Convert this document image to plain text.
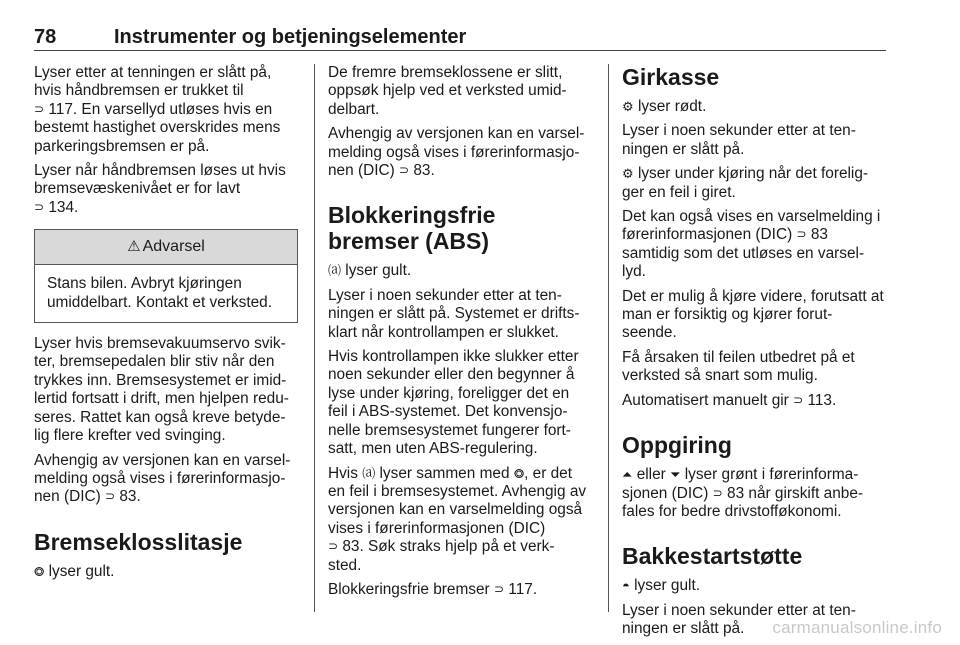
78	Instrumenter og betjeningselementer

Lyser etter at tenningen er slått på, hvis håndbremsen er trukket til
⊃ 117. En varsellyd utløses hvis en bestemt hastighet overskrides mens parkeringsbremsen er på.

Lyser når håndbremsen løses ut hvis bremsevæskenivået er for lavt
⊃ 134.

⚠ Advarsel
Stans bilen. Avbryt kjøringen umiddelbart. Kontakt et verksted.

Lyser hvis bremsevakuumservo svik- ter, bremsepedalen blir stiv når den trykkes inn. Bremsesystemet er imid- lertid fortsatt i drift, men hjelpen redu- seres. Rattet kan også kreve betyde- lig flere krefter ved svinging.

Avhengig av versjonen kan en varsel- melding også vises i førerinformasjo- nen (DIC) ⊃ 83.

Bremseklosslitasje

⭗ lyser gult.

De fremre bremseklossene er slitt, oppsøk hjelp ved et verksted umid- delbart.

Avhengig av versjonen kan en varsel- melding også vises i førerinformasjo- nen (DIC) ⊃ 83.

Blokkeringsfrie bremser (ABS)

⒜ lyser gult.

Lyser i noen sekunder etter at ten- ningen er slått på. Systemet er drifts- klart når kontrollampen er slukket.

Hvis kontrollampen ikke slukker etter noen sekunder eller den begynner å lyse under kjøring, foreligger det en feil i ABS-systemet. Det konvensjo- nelle bremsesystemet fungerer fort- satt, men uten ABS-regulering.

Hvis ⒜ lyser sammen med ⭗, er det en feil i bremsesystemet. Avhengig av versjonen kan en varselmelding også vises i førerinformasjonen (DIC)
⊃ 83. Søk straks hjelp på et verk- sted.

Blokkeringsfrie bremser ⊃ 117.

Girkasse

⚙ lyser rødt.

Lyser i noen sekunder etter at ten- ningen er slått på.

⚙ lyser under kjøring når det forelig- ger en feil i giret.

Det kan også vises en varselmelding i førerinformasjonen (DIC) ⊃ 83 samtidig som det utløses en varsel- lyd.

Det er mulig å kjøre videre, forutsatt at man er forsiktig og kjører forut- seende.

Få årsaken til feilen utbedret på et verksted så snart som mulig.

Automatisert manuelt gir ⊃ 113.

Oppgiring

⏶ eller ⏷ lyser grønt i førerinforma- sjonen (DIC) ⊃ 83 når girskift anbe- fales for bedre drivstofføkonomi.

Bakkestartstøtte

◓ lyser gult.

Lyser i noen sekunder etter at ten- ningen er slått på.	carmanualsonline.info
